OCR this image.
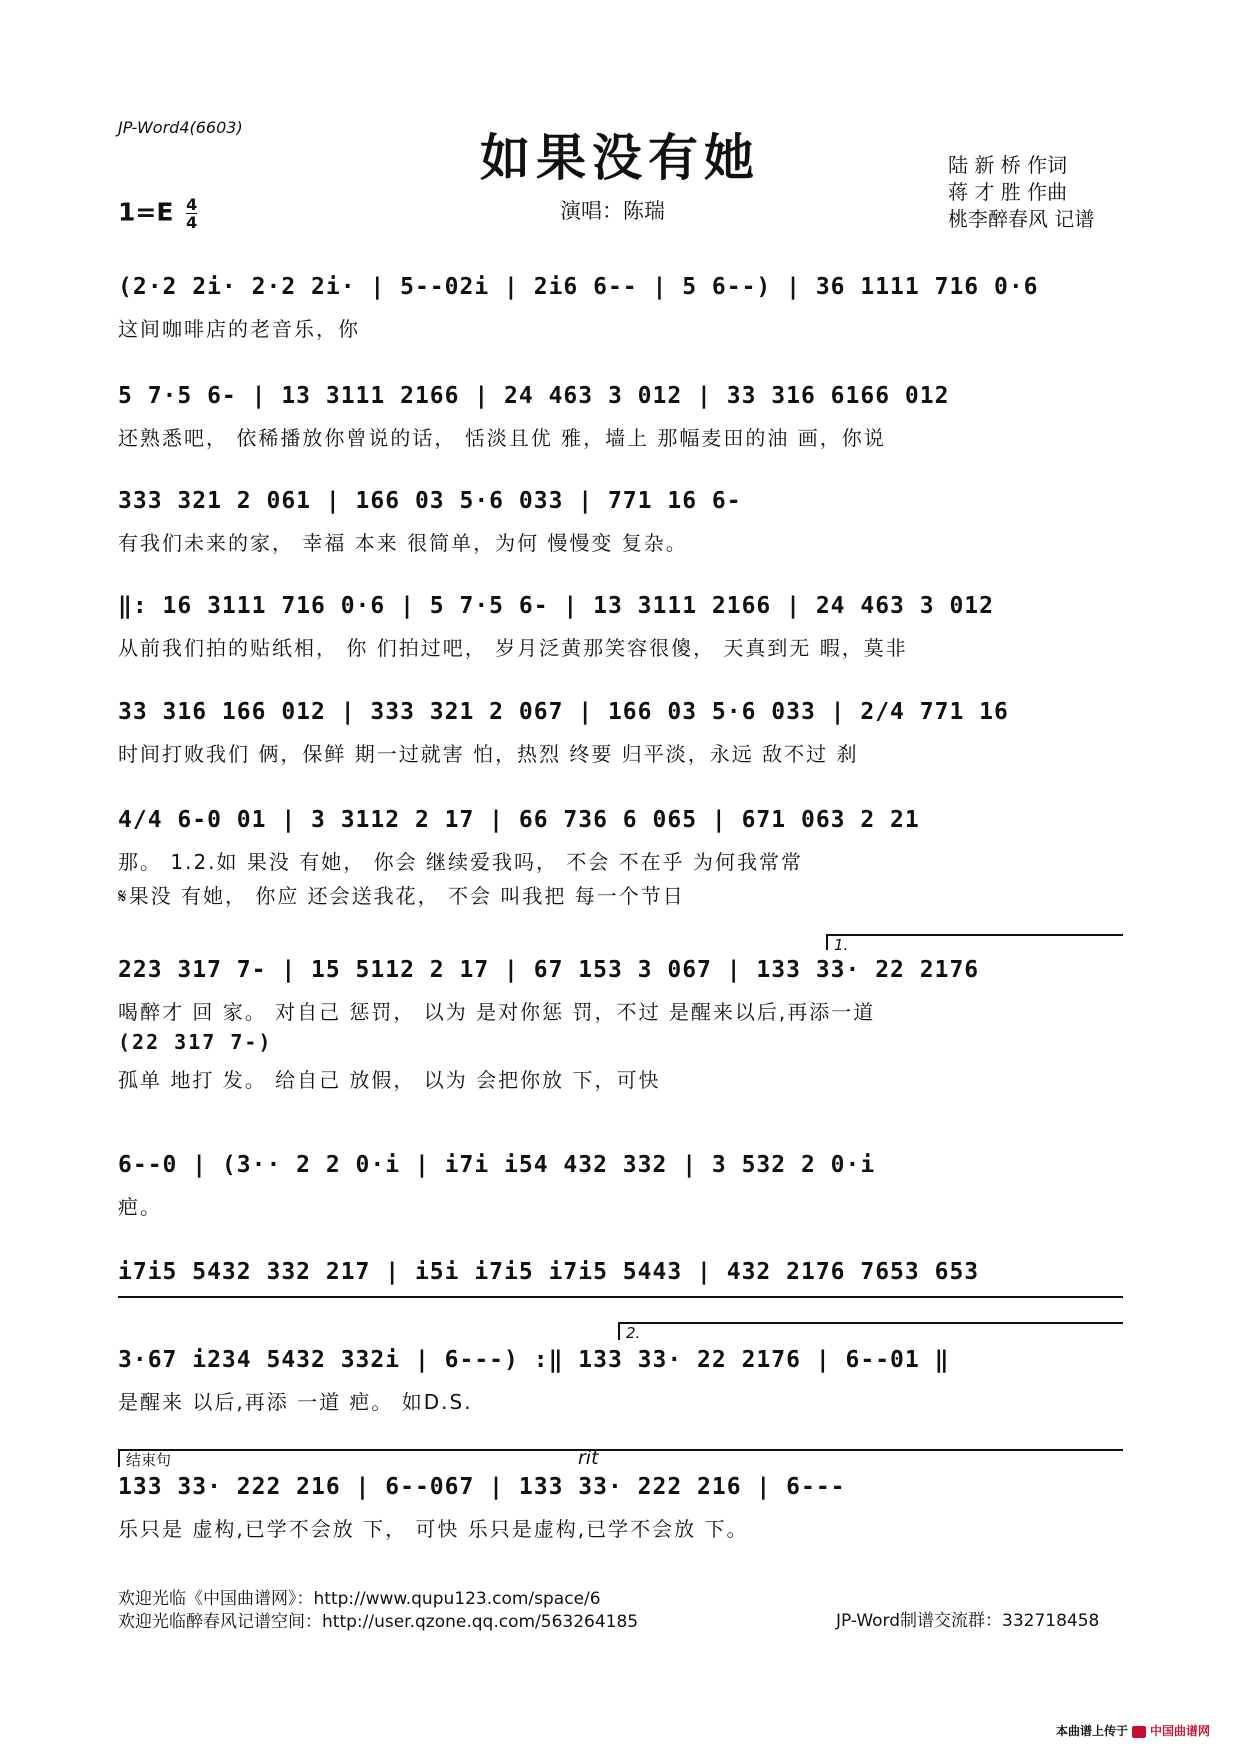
JP-Word4(6603)
如果没有她	陆 新 桥 作词
蒋 才 胜 作曲
桃李醉春风 记谱
$1=E \frac{4}{4}$	演唱：陈瑞
(2·2 2i· 2·2 2i· | 5--02i | 2i6 6-- | 5 6--) | 36 1111 716 0·6
这间咖啡店的老音乐，你
5 7·5 6- | 13 3111 2166 | 24 463 3 012 | 33 316 6166 012
还熟悉吧， 依稀播放你曾说的话， 恬淡且优 雅，墙上 那幅麦田的油 画，你说
333 321 2 061 | 166 03 5·6 033 | 771 16 6-
有我们未来的家， 幸福 本来 很简单，为何 慢慢变 复杂。
‖: 16 3111 716 0·6 | 5 7·5 6- | 13 3111 2166 | 24 463 3 012
从前我们拍的贴纸相， 你 们拍过吧， 岁月泛黄那笑容很傻， 天真到无 暇，莫非
33 316 166 012 | 333 321 2 067 | 166 03 5·6 033 | 2/4 771 16
时间打败我们 俩，保鲜 期一过就害 怕，热烈 终要 归平淡，永远 敌不过 刹
4/4 6-0 01 | 3 3112 2 17 | 66 736 6 065 | 671 063 2 21
那。 1.2.如 果没 有她， 你会 继续爱我吗， 不会 不在乎 为何我常常
𝄋果没 有她， 你应 还会送我花， 不会 叫我把 每一个节日
1.
223 317 7- | 15 5112 2 17 | 67 153 3 067 | 133 33· 22 2176
喝醉才 回 家。 对自己 惩罚， 以为 是对你惩 罚，不过 是醒来以后,再添一道
(22 317 7-)
孤单 地打 发。 给自己 放假， 以为 会把你放 下，可快
6--0 | (3·· 2 2 0·i | i7i i54 432 332 | 3 532 2 0·i
疤。
i7i5 5432 332 217 | i5i i7i5 i7i5 5443 | 432 2176 7653 653
2.
3·67 i234 5432 332i | 6---) :‖ 133 33· 22 2176 | 6--01 ‖
是醒来 以后,再添 一道 疤。 如D.S.
结束句	rit
133 33· 222 216 | 6--067 | 133 33· 222 216 | 6---
乐只是 虚构,已学不会放 下， 可快 乐只是虚构,已学不会放 下。
欢迎光临《中国曲谱网》：http://www.qupu123.com/space/6
欢迎光临醉春风记谱空间：http://user.qzone.qq.com/563264185	JP-Word制谱交流群：332718458
本曲谱上传于 中国曲谱网
